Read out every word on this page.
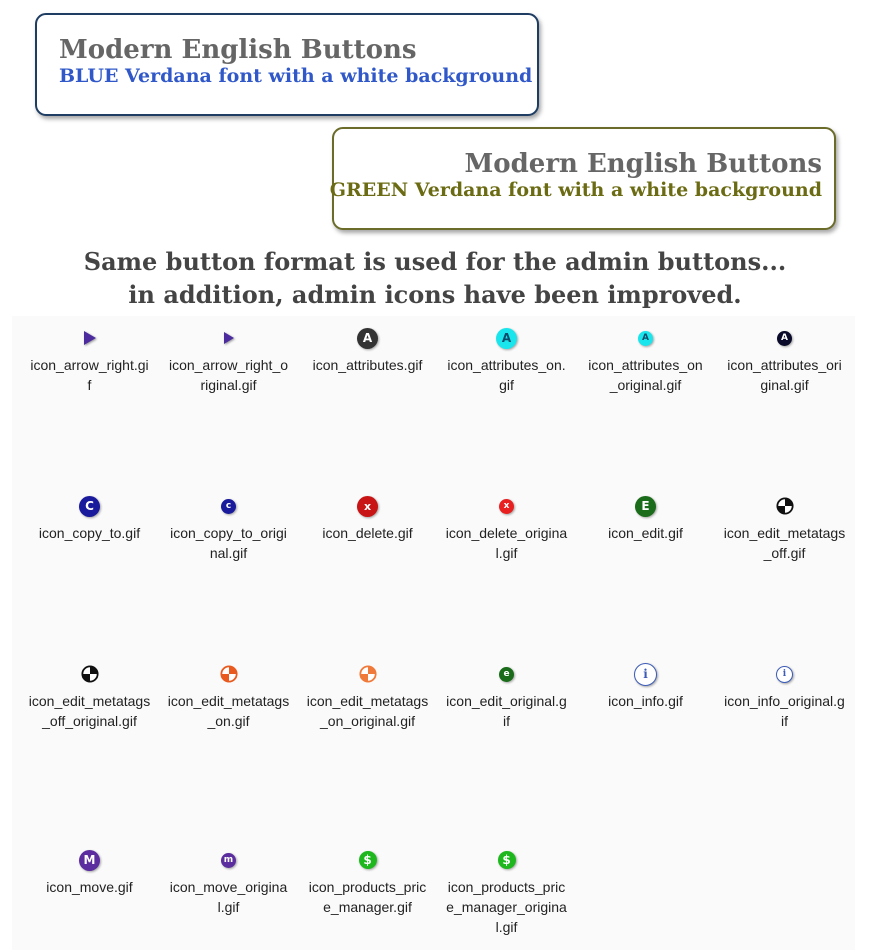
Modern English Buttons
BLUE Verdana font with a white background
Modern English Buttons
GREEN Verdana font with a white background
Same button format is used for the admin buttons...
in addition, admin icons have been improved.
icon_arrow_right.gif
icon_arrow_right_original.gif
A
icon_attributes.gif
A
icon_attributes_on.gif
A
icon_attributes_on_original.gif
A
icon_attributes_original.gif
C
icon_copy_to.gif
c
icon_copy_to_original.gif
x
icon_delete.gif
x
icon_delete_original.gif
E
icon_edit.gif	icon_edit_metatags_off.gif
icon_edit_metatags_off_original.gif
icon_edit_metatags_on.gif
icon_edit_metatags_on_original.gif
e
icon_edit_original.gif
i
icon_info.gif
i
icon_info_original.gif
M
icon_move.gif
m
icon_move_original.gif
$
icon_products_price_manager.gif
$
icon_products_price_manager_original.gif
